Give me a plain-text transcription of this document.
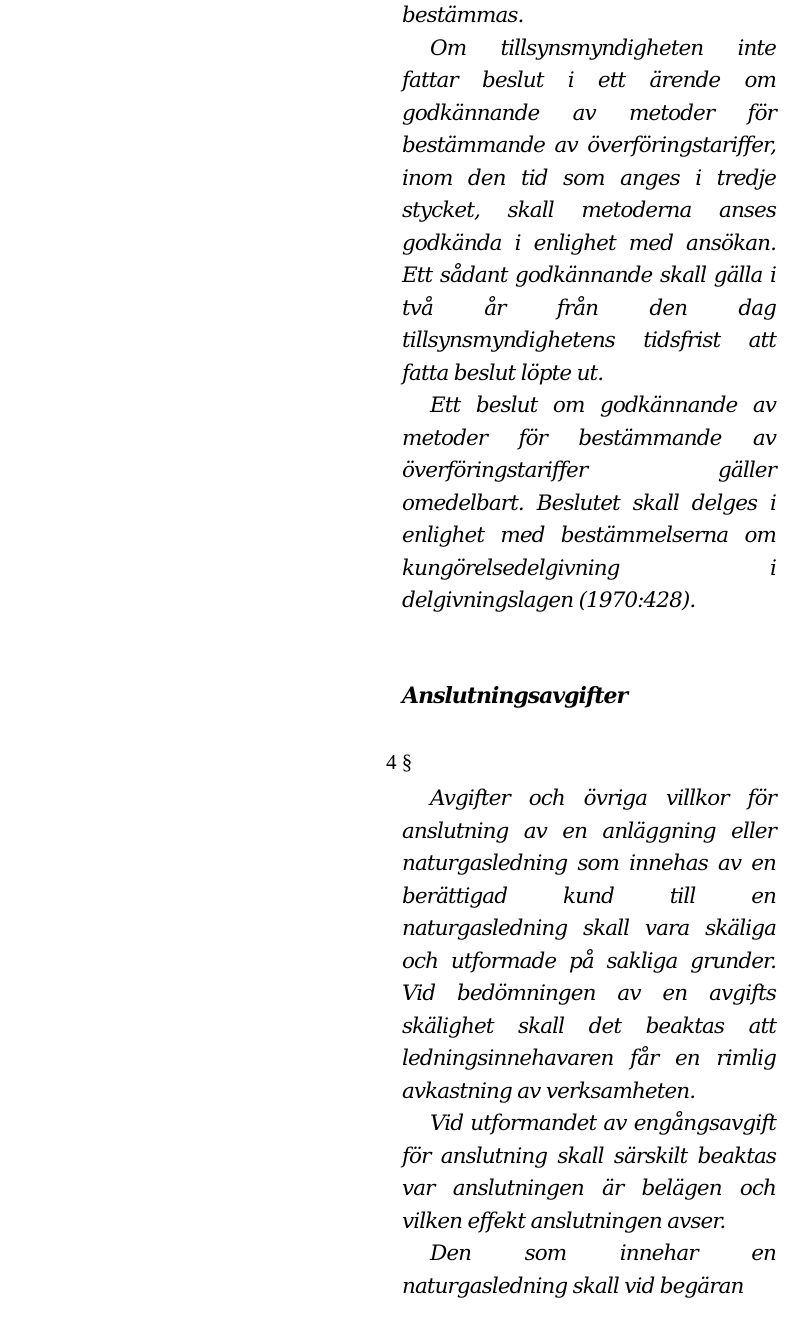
bestämmas.

Om tillsynsmyndigheten inte fattar beslut i ett ärende om godkännande av metoder för bestämmande av överföringstariffer, inom den tid som anges i tredje stycket, skall metoderna anses godkända i enlighet med ansökan. Ett sådant godkännande skall gälla i två år från den dag tillsynsmyndighetens tidsfrist att fatta beslut löpte ut.

Ett beslut om godkännande av metoder för bestämmande av överföringstariffer gäller omedelbart. Beslutet skall delges i enlighet med bestämmelserna om kungörelsedelgivning i delgivningslagen (1970:428).

Anslutningsavgifter
4 §

Avgifter och övriga villkor för anslutning av en anläggning eller naturgasledning som innehas av en berättigad kund till en naturgasledning skall vara skäliga och utformade på sakliga grunder. Vid bedömningen av en avgifts skälighet skall det beaktas att ledningsinnehavaren får en rimlig avkastning av verksamheten.

Vid utformandet av engångsavgift för anslutning skall särskilt beaktas var anslutningen är belägen och vilken effekt anslutningen avser.

Den som innehar en naturgasledning skall vid begäran
